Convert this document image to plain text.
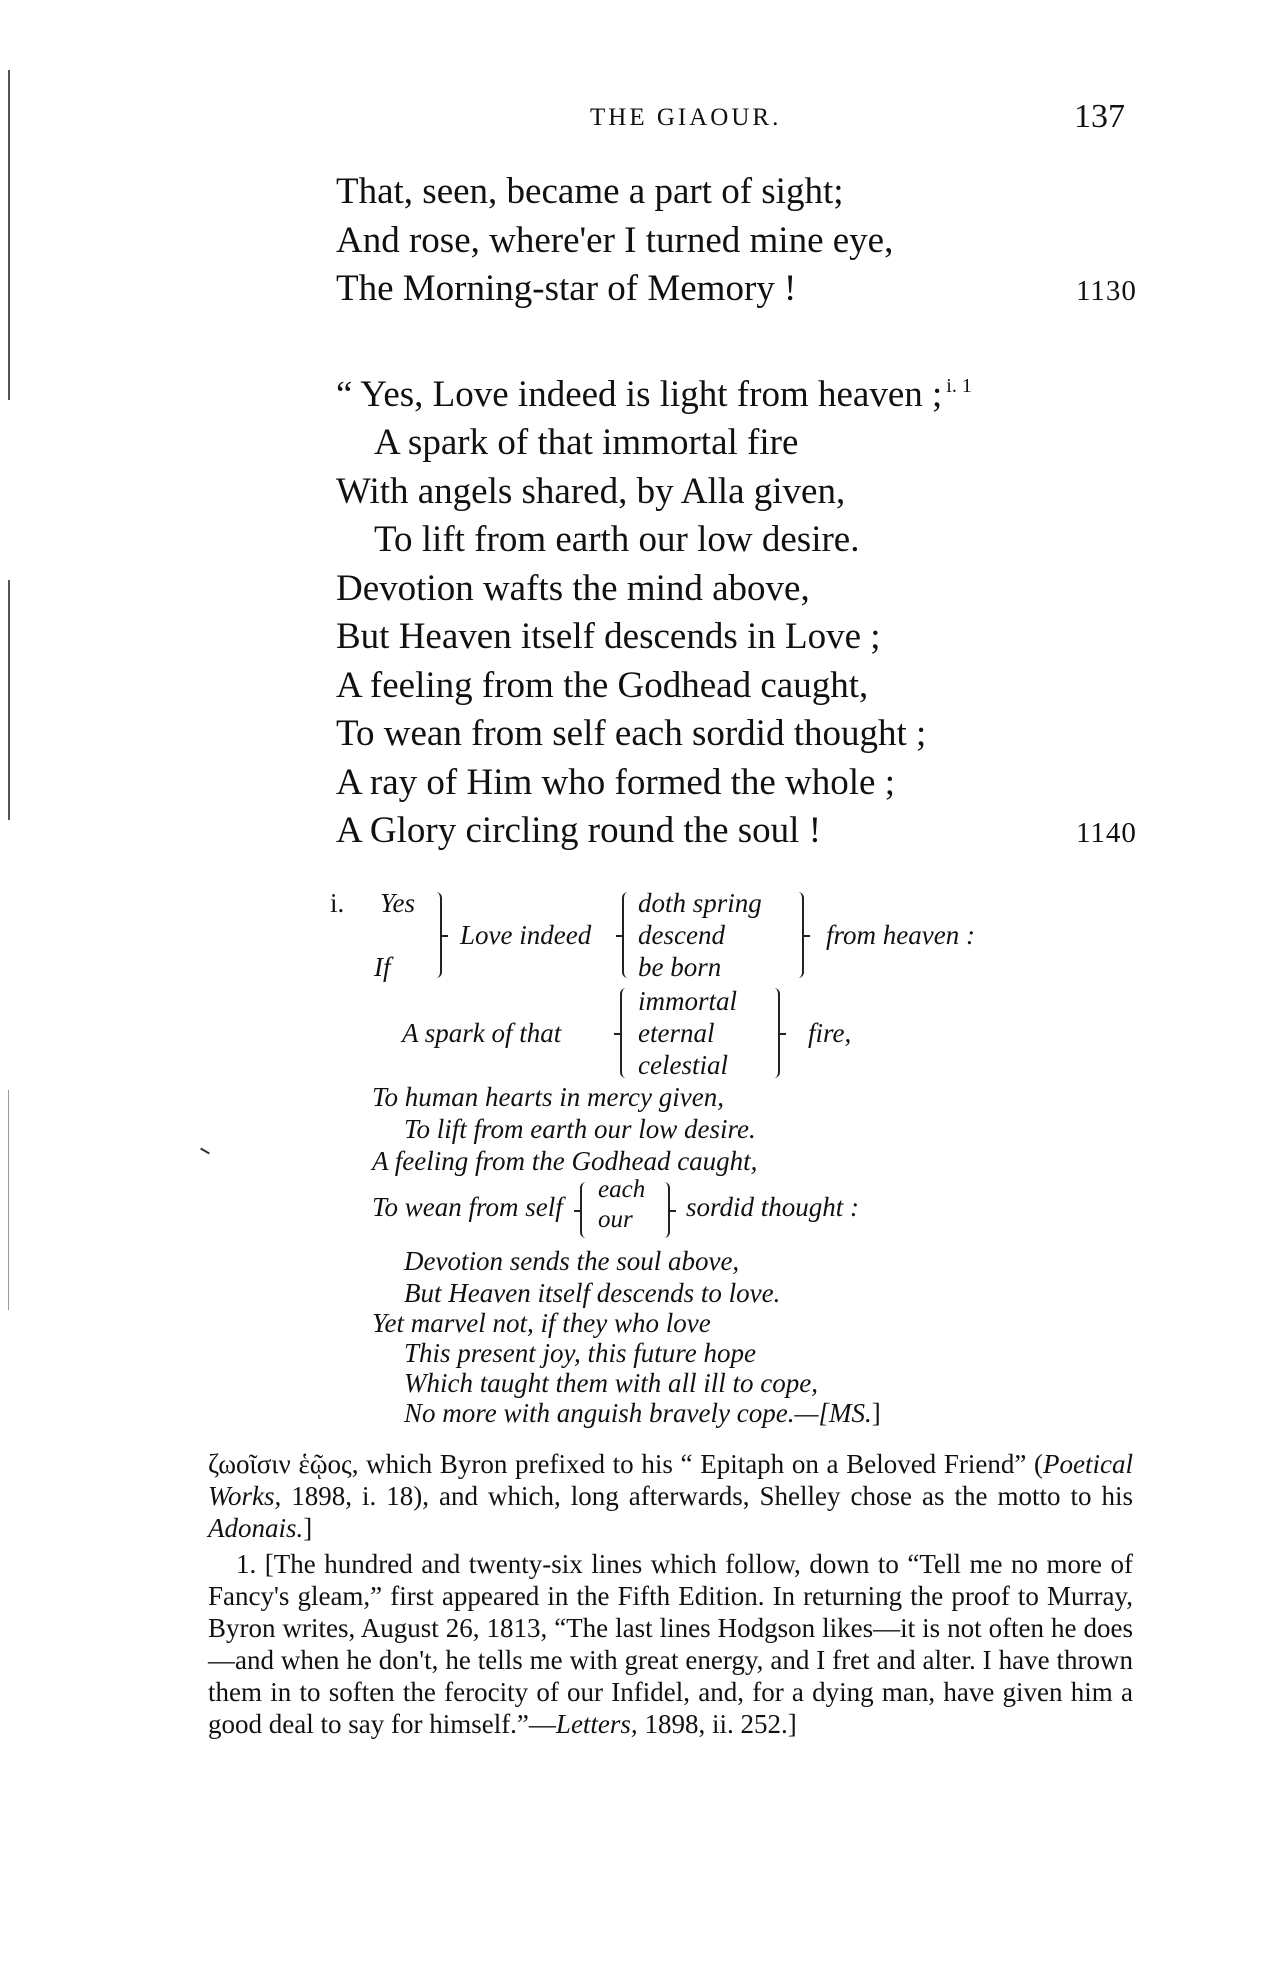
THE GIAOUR.	137
That, seen, became a part of sight;
And rose, where'er I turned mine eye,
The Morning-star of Memory !	1130
“ Yes, Love indeed is light from heaven ; $^{i. 1}$
A spark of that immortal fire
With angels shared, by Alla given,
To lift from earth our low desire.
Devotion wafts the mind above,
But Heaven itself descends in Love ;
A feeling from the Godhead caught,
To wean from self each sordid thought ;
A ray of Him who formed the whole ;
A Glory circling round the soul !	1140
i. Yes
If
Love indeed
doth spring
descend
be born
from heaven :
A spark of that
immortal
eternal
celestial
fire,
To human hearts in mercy given,
To lift from earth our low desire.
A feeling from the Godhead caught,
To wean from self
each
our sordid thought :
Devotion sends the soul above,
But Heaven itself descends to love.
Yet marvel not, if they who love
This present joy, this future hope
Which taught them with all ill to cope,
No more with anguish bravely cope.—[MS.]

ζωοῖσιν ἑῷος, which Byron prefixed to his “ Epitaph on a Beloved Friend” (Poetical Works, 1898, i. 18), and which, long afterwards, Shelley chose as the motto to his Adonais.]

1. [The hundred and twenty-six lines which follow, down to “Tell me no more of Fancy's gleam,” first appeared in the Fifth Edition. In returning the proof to Murray, Byron writes, August 26, 1813, “The last lines Hodgson likes—it is not often he does—and when he don't, he tells me with great energy, and I fret and alter. I have thrown them in to soften the ferocity of our Infidel, and, for a dying man, have given him a good deal to say for himself.”—Letters, 1898, ii. 252.]
